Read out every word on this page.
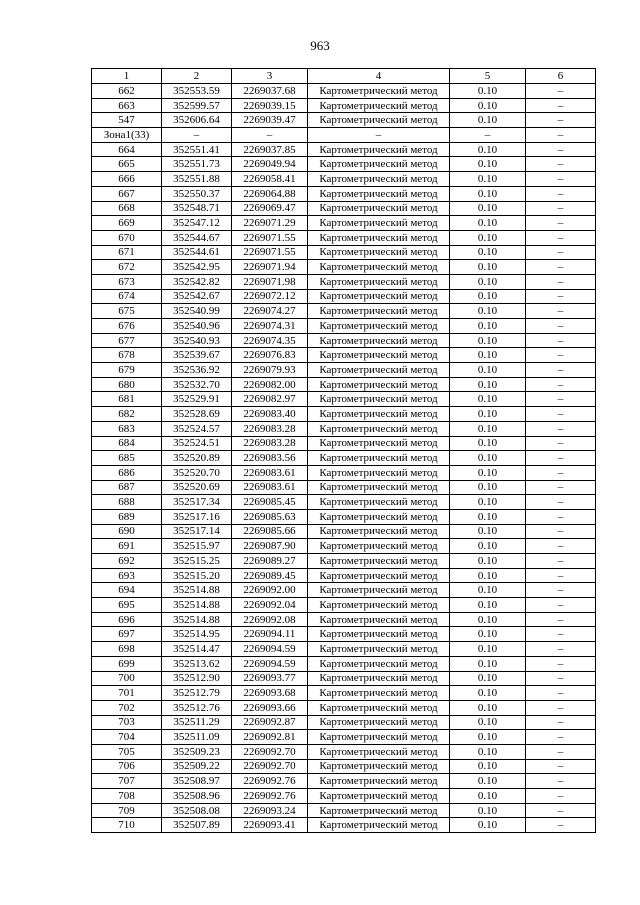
963
1	2	3	4	5	6
662	352553.59	2269037.68	Картометрический метод	0.10	–
663	352599.57	2269039.15	Картометрический метод	0.10	–
547	352606.64	2269039.47	Картометрический метод	0.10	–
Зона1(33)	–	–	–	–	–
664	352551.41	2269037.85	Картометрический метод	0.10	–
665	352551.73	2269049.94	Картометрический метод	0.10	–
666	352551.88	2269058.41	Картометрический метод	0.10	–
667	352550.37	2269064.88	Картометрический метод	0.10	–
668	352548.71	2269069.47	Картометрический метод	0.10	–
669	352547.12	2269071.29	Картометрический метод	0.10	–
670	352544.67	2269071.55	Картометрический метод	0.10	–
671	352544.61	2269071.55	Картометрический метод	0.10	–
672	352542.95	2269071.94	Картометрический метод	0.10	–
673	352542.82	2269071.98	Картометрический метод	0.10	–
674	352542.67	2269072.12	Картометрический метод	0.10	–
675	352540.99	2269074.27	Картометрический метод	0.10	–
676	352540.96	2269074.31	Картометрический метод	0.10	–
677	352540.93	2269074.35	Картометрический метод	0.10	–
678	352539.67	2269076.83	Картометрический метод	0.10	–
679	352536.92	2269079.93	Картометрический метод	0.10	–
680	352532.70	2269082.00	Картометрический метод	0.10	–
681	352529.91	2269082.97	Картометрический метод	0.10	–
682	352528.69	2269083.40	Картометрический метод	0.10	–
683	352524.57	2269083.28	Картометрический метод	0.10	–
684	352524.51	2269083.28	Картометрический метод	0.10	–
685	352520.89	2269083.56	Картометрический метод	0.10	–
686	352520.70	2269083.61	Картометрический метод	0.10	–
687	352520.69	2269083.61	Картометрический метод	0.10	–
688	352517.34	2269085.45	Картометрический метод	0.10	–
689	352517.16	2269085.63	Картометрический метод	0.10	–
690	352517.14	2269085.66	Картометрический метод	0.10	–
691	352515.97	2269087.90	Картометрический метод	0.10	–
692	352515.25	2269089.27	Картометрический метод	0.10	–
693	352515.20	2269089.45	Картометрический метод	0.10	–
694	352514.88	2269092.00	Картометрический метод	0.10	–
695	352514.88	2269092.04	Картометрический метод	0.10	–
696	352514.88	2269092.08	Картометрический метод	0.10	–
697	352514.95	2269094.11	Картометрический метод	0.10	–
698	352514.47	2269094.59	Картометрический метод	0.10	–
699	352513.62	2269094.59	Картометрический метод	0.10	–
700	352512.90	2269093.77	Картометрический метод	0.10	–
701	352512.79	2269093.68	Картометрический метод	0.10	–
702	352512.76	2269093.66	Картометрический метод	0.10	–
703	352511.29	2269092.87	Картометрический метод	0.10	–
704	352511.09	2269092.81	Картометрический метод	0.10	–
705	352509.23	2269092.70	Картометрический метод	0.10	–
706	352509.22	2269092.70	Картометрический метод	0.10	–
707	352508.97	2269092.76	Картометрический метод	0.10	–
708	352508.96	2269092.76	Картометрический метод	0.10	–
709	352508.08	2269093.24	Картометрический метод	0.10	–
710	352507.89	2269093.41	Картометрический метод	0.10	–
